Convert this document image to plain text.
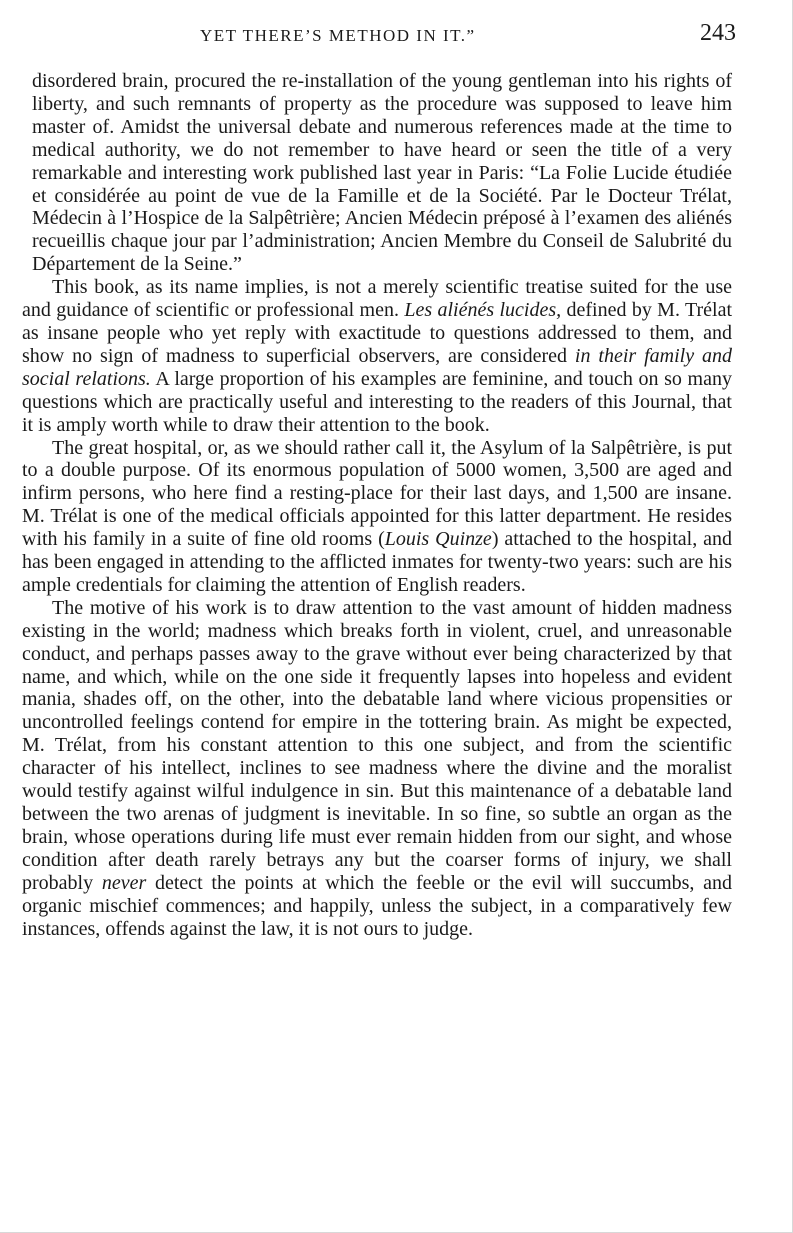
YET THERE’S METHOD IN IT.”	243

disordered brain, procured the re-installation of the young gentleman into his rights of liberty, and such remnants of property as the procedure was supposed to leave him master of. Amidst the universal debate and numerous references made at the time to medical authority, we do not remember to have heard or seen the title of a very remarkable and interesting work published last year in Paris: “La Folie Lucide étudiée et considérée au point de vue de la Famille et de la Société. Par le Docteur Trélat, Médecin à l’Hospice de la Salpêtrière; Ancien Médecin préposé à l’examen des aliénés recueillis chaque jour par l’administration; Ancien Membre du Conseil de Salubrité du Département de la Seine.”

This book, as its name implies, is not a merely scientific treatise suited for the use and guidance of scientific or professional men. Les aliénés lucides, defined by M. Trélat as insane people who yet reply with exactitude to questions addressed to them, and show no sign of madness to superficial observers, are considered in their family and social relations. A large proportion of his examples are feminine, and touch on so many questions which are practically useful and interesting to the readers of this Journal, that it is amply worth while to draw their attention to the book.

The great hospital, or, as we should rather call it, the Asylum of la Salpêtrière, is put to a double purpose. Of its enormous population of 5000 women, 3,500 are aged and infirm persons, who here find a resting-place for their last days, and 1,500 are insane. M. Trélat is one of the medical officials appointed for this latter department. He resides with his family in a suite of fine old rooms (Louis Quinze) attached to the hospital, and has been engaged in attending to the afflicted inmates for twenty-two years: such are his ample credentials for claiming the attention of English readers.

The motive of his work is to draw attention to the vast amount of hidden madness existing in the world; madness which breaks forth in violent, cruel, and unreasonable conduct, and perhaps passes away to the grave without ever being characterized by that name, and which, while on the one side it frequently lapses into hopeless and evident mania, shades off, on the other, into the debatable land where vicious propensities or uncontrolled feelings contend for empire in the tottering brain. As might be expected, M. Trélat, from his constant attention to this one subject, and from the scientific character of his intellect, inclines to see madness where the divine and the moralist would testify against wilful indulgence in sin. But this maintenance of a debatable land between the two arenas of judgment is inevitable. In so fine, so subtle an organ as the brain, whose operations during life must ever remain hidden from our sight, and whose condition after death rarely betrays any but the coarser forms of injury, we shall probably never detect the points at which the feeble or the evil will succumbs, and organic mischief commences; and happily, unless the subject, in a comparatively few instances, offends against the law, it is not ours to judge.
